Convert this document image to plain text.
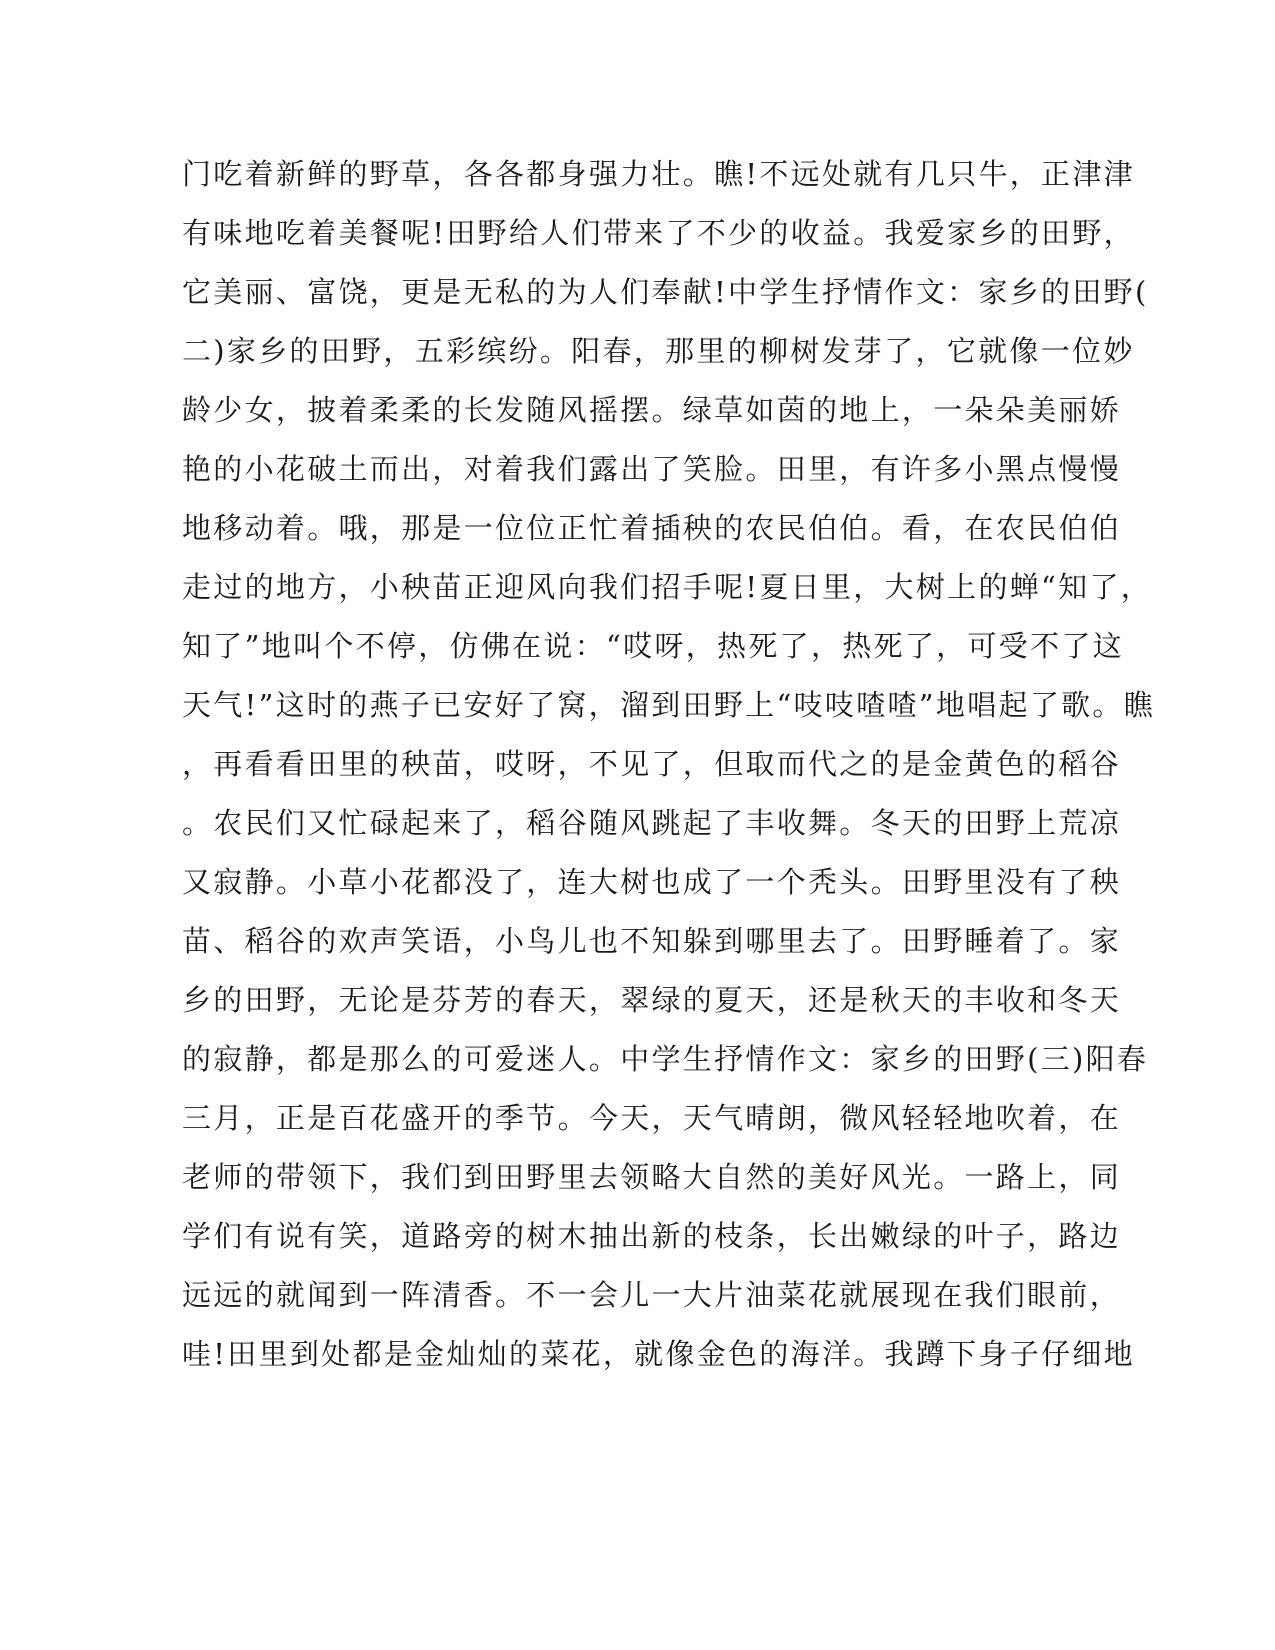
门吃着新鲜的野草，各各都身强力壮。瞧!不远处就有几只牛，正津津
有味地吃着美餐呢!田野给人们带来了不少的收益。我爱家乡的田野，
它美丽、富饶，更是无私的为人们奉献!中学生抒情作文：家乡的田野(
二)家乡的田野，五彩缤纷。阳春，那里的柳树发芽了，它就像一位妙
龄少女，披着柔柔的长发随风摇摆。绿草如茵的地上，一朵朵美丽娇
艳的小花破土而出，对着我们露出了笑脸。田里，有许多小黑点慢慢
地移动着。哦，那是一位位正忙着插秧的农民伯伯。看，在农民伯伯
走过的地方，小秧苗正迎风向我们招手呢!夏日里，大树上的蝉“知了，
知了”地叫个不停，仿佛在说：“哎呀，热死了，热死了，可受不了这
天气!”这时的燕子已安好了窝，溜到田野上“吱吱喳喳”地唱起了歌。瞧
，再看看田里的秧苗，哎呀，不见了，但取而代之的是金黄色的稻谷
。农民们又忙碌起来了，稻谷随风跳起了丰收舞。冬天的田野上荒凉
又寂静。小草小花都没了，连大树也成了一个秃头。田野里没有了秧
苗、稻谷的欢声笑语，小鸟儿也不知躲到哪里去了。田野睡着了。家
乡的田野，无论是芬芳的春天，翠绿的夏天，还是秋天的丰收和冬天
的寂静，都是那么的可爱迷人。中学生抒情作文：家乡的田野(三)阳春
三月，正是百花盛开的季节。今天，天气晴朗，微风轻轻地吹着，在
老师的带领下，我们到田野里去领略大自然的美好风光。一路上，同
学们有说有笑，道路旁的树木抽出新的枝条，长出嫩绿的叶子，路边
远远的就闻到一阵清香。不一会儿一大片油菜花就展现在我们眼前，
哇!田里到处都是金灿灿的菜花，就像金色的海洋。我蹲下身子仔细地
